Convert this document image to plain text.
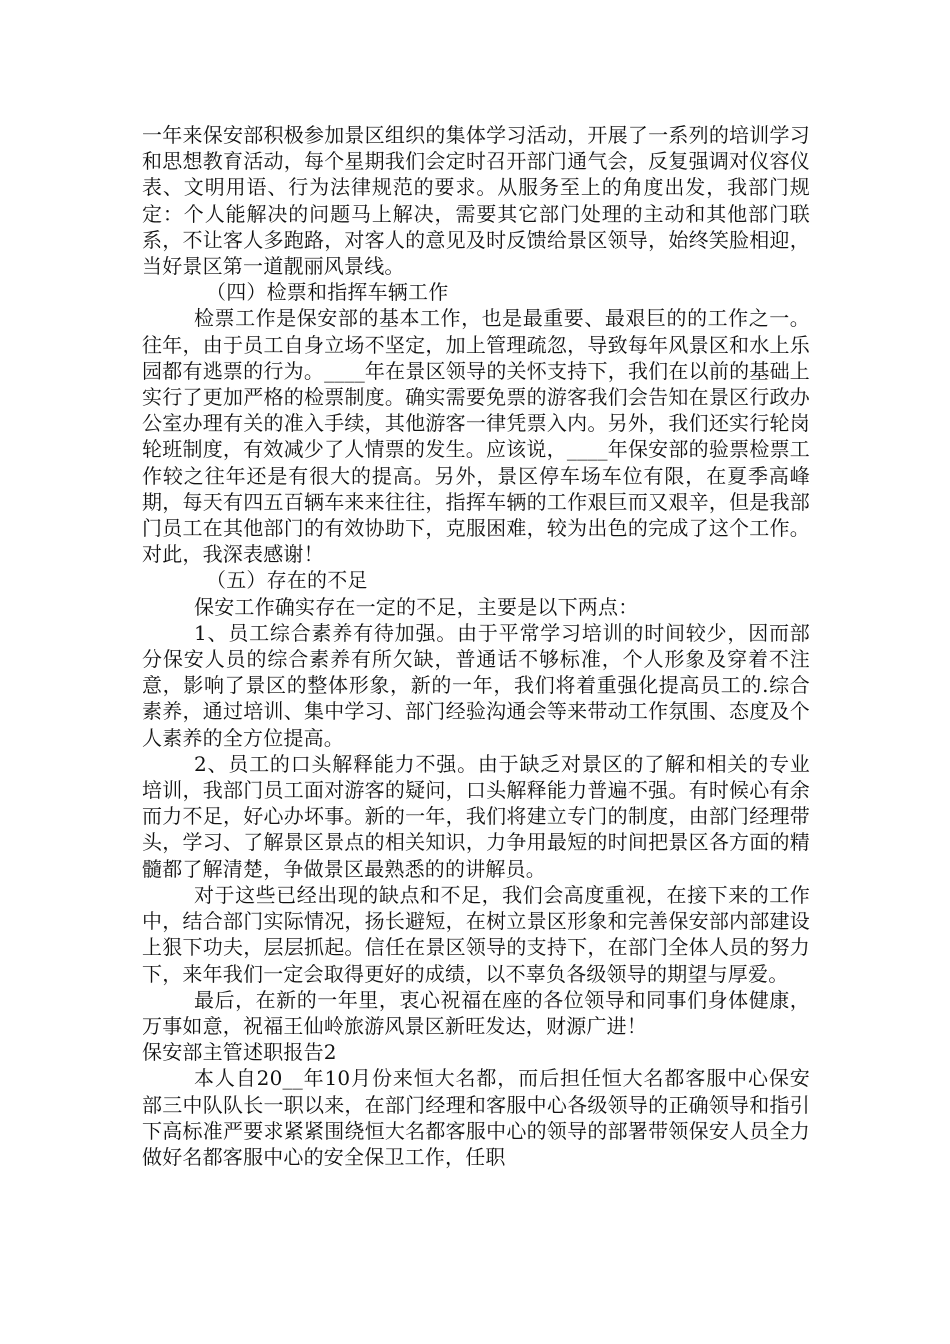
一年来保安部积极参加景区组织的集体学习活动，开展了一系列的培训学习和思想教育活动，每个星期我们会定时召开部门通气会，反复强调对仪容仪表、文明用语、行为法律规范的要求。从服务至上的角度出发，我部门规定：个人能解决的问题马上解决，需要其它部门处理的主动和其他部门联系，不让客人多跑路，对客人的意见及时反馈给景区领导，始终笑脸相迎，当好景区第一道靓丽风景线。

（四）检票和指挥车辆工作

检票工作是保安部的基本工作，也是最重要、最艰巨的的工作之一。往年，由于员工自身立场不坚定，加上管理疏忽，导致每年风景区和水上乐园都有逃票的行为。____年在景区领导的关怀支持下，我们在以前的基础上实行了更加严格的检票制度。确实需要免票的游客我们会告知在景区行政办公室办理有关的准入手续，其他游客一律凭票入内。另外，我们还实行轮岗轮班制度，有效减少了人情票的发生。应该说，____年保安部的验票检票工作较之往年还是有很大的提高。另外，景区停车场车位有限，在夏季高峰期，每天有四五百辆车来来往往，指挥车辆的工作艰巨而又艰辛，但是我部门员工在其他部门的有效协助下，克服困难，较为出色的完成了这个工作。对此，我深表感谢！

（五）存在的不足

保安工作确实存在一定的不足，主要是以下两点：

1、员工综合素养有待加强。由于平常学习培训的时间较少，因而部分保安人员的综合素养有所欠缺，普通话不够标准，个人形象及穿着不注意，影响了景区的整体形象，新的一年，我们将着重强化提高员工的.综合素养，通过培训、集中学习、部门经验沟通会等来带动工作氛围、态度及个人素养的全方位提高。

2、员工的口头解释能力不强。由于缺乏对景区的了解和相关的专业培训，我部门员工面对游客的疑问，口头解释能力普遍不强。有时候心有余而力不足，好心办坏事。新的一年，我们将建立专门的制度，由部门经理带头，学习、了解景区景点的相关知识，力争用最短的时间把景区各方面的精髓都了解清楚，争做景区最熟悉的的讲解员。

对于这些已经出现的缺点和不足，我们会高度重视，在接下来的工作中，结合部门实际情况，扬长避短，在树立景区形象和完善保安部内部建设上狠下功夫，层层抓起。信任在景区领导的支持下，在部门全体人员的努力下，来年我们一定会取得更好的成绩，以不辜负各级领导的期望与厚爱。

最后，在新的一年里，衷心祝福在座的各位领导和同事们身体健康，万事如意，祝福王仙岭旅游风景区新旺发达，财源广进！

保安部主管述职报告2

本人自20__年10月份来恒大名都，而后担任恒大名都客服中心保安部三中队队长一职以来，在部门经理和客服中心各级领导的正确领导和指引下高标准严要求紧紧围绕恒大名都客服中心的领导的部署带领保安人员全力做好名都客服中心的安全保卫工作，任职
